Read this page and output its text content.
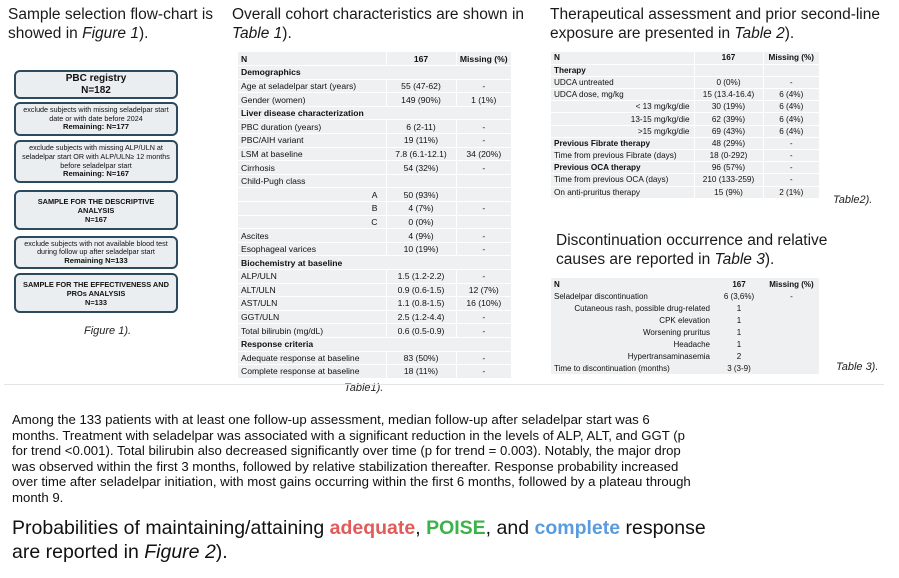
Sample selection flow-chart is showed in Figure 1).
Overall cohort characteristics are shown in Table 1).
Therapeutical assessment and prior second-line exposure are presented in Table 2).
Discontinuation occurrence and relative causes are reported in Table 3).
PBC registry
N=182
exclude subjects with missing seladelpar start date or with date before 2024
Remaining: N=177
exclude subjects with missing ALP/ULN at seladelpar start OR with ALP/ULN≥ 12 months before seladelpar start
Remaining: N=167
SAMPLE FOR THE DESCRIPTIVE ANALYSIS
N=167
exclude subjects with not available blood test during follow up after seladelpar start
Remaining N=133
SAMPLE FOR THE EFFECTIVENESS AND PROs ANALYSIS
N=133
Figure 1).
N	167	Missing (%)
Demographics		
Age at seladelpar start (years)	55 (47-62)	-
Gender (women)	149 (90%)	1 (1%)
Liver disease characterization		
PBC duration (years)	6 (2-11)	-
PBC/AIH variant	19 (11%)	-
LSM at baseline	7.8 (6.1-12.1)	34 (20%)
Cirrhosis	54 (32%)	-
Child-Pugh class		
A	50 (93%)	
B	4 (7%)	-
C	0 (0%)	
Ascites	4 (9%)	-
Esophageal varices	10 (19%)	-
Biochemistry at baseline		
ALP/ULN	1.5 (1.2-2.2)	-
ALT/ULN	0.9 (0.6-1.5)	12 (7%)
AST/ULN	1.1 (0.8-1.5)	16 (10%)
GGT/ULN	2.5 (1.2-4.4)	-
Total bilirubin (mg/dL)	0.6 (0.5-0.9)	-
Response criteria		
Adequate response at baseline	83 (50%)	-
Complete response at baseline	18 (11%)	-
Table1).
N	167	Missing (%)
Therapy		
UDCA untreated	0 (0%)	-
UDCA dose, mg/kg	15 (13.4-16.4)	6 (4%)
< 13 mg/kg/die	30 (19%)	6 (4%)
13-15 mg/kg/die	62 (39%)	6 (4%)
>15 mg/kg/die	69 (43%)	6 (4%)
Previous Fibrate therapy	48 (29%)	-
Time from previous Fibrate (days)	18 (0-292)	-
Previous OCA therapy	96 (57%)	-
Time from previous OCA (days)	210 (133-259)	-
On anti-pruritus therapy	15 (9%)	2 (1%)
Table2).
N	167	Missing (%)
Seladelpar discontinuation	6 (3,6%)	-
Cutaneous rash, possible drug-related	1	
CPK elevation	1	
Worsening pruritus	1	
Headache	1	
Hypertransaminasemia	2	
Time to discontinuation (months)	3 (3-9)		Table 3).
Among the 133 patients with at least one follow-up assessment, median follow-up after seladelpar start was 6 months. Treatment with seladelpar was associated with a significant reduction in the levels of ALP, ALT, and GGT (p for trend <0.001). Total bilirubin also decreased significantly over time (p for trend = 0.003). Notably, the major drop was observed within the first 3 months, followed by relative stabilization thereafter. Response probability increased over time after seladelpar initiation, with most gains occurring within the first 6 months, followed by a plateau through month 9.
Probabilities of maintaining/attaining adequate, POISE, and complete response are reported in Figure 2).
